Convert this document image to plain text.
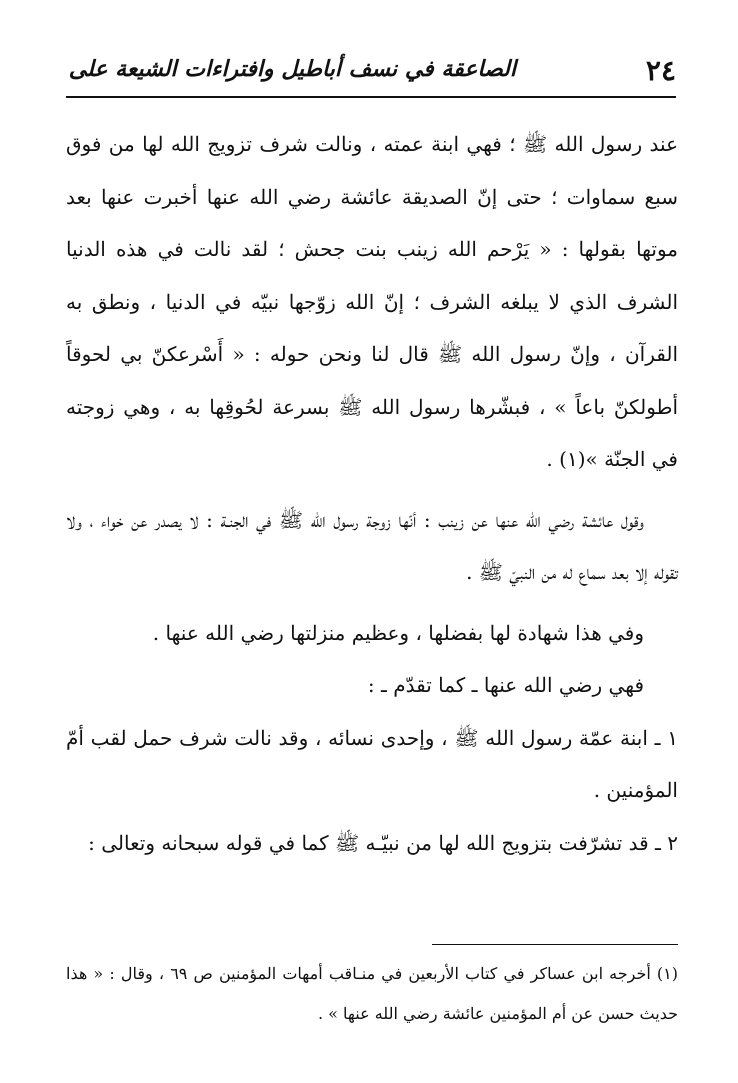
٢٤
الصاعقة في نسف أباطيل وافتراءات الشيعة على

عند رسول الله ﷺ ؛ فهي ابنة عمته ، ونالت شرف تزويج الله لها من فوق سبع سماوات ؛ حتى إنّ الصديقة عائشة رضي الله عنها أخبرت عنها بعد موتها بقولها : « يَرْحم الله زينب بنت جحش ؛ لقد نالت في هذه الدنيا الشرف الذي لا يبلغه الشرف ؛ إنّ الله زوّجها نبيّه في الدنيا ، ونطق به القرآن ، وإنّ رسول الله ﷺ قال لنا ونحن حوله : « أَسْرعكنّ بي لحوقاً أطولكنّ باعاً » ، فبشّرها رسول الله ﷺ بسرعة لحُوقِها به ، وهي زوجته في الجنّة »(١) .

وقول عائشة رضي الله عنها عن زينب : أنّها زوجة رسول الله ﷺ في الجنـة : لا يصدر عن خواء ، ولا تقوله إلا بعد سماع له من النبيّ ﷺ .

وفي هذا شهادة لها بفضلها ، وعظيم منزلتها رضي الله عنها .

فهي رضي الله عنها ـ كما تقدّم ـ :

١ ـ ابنة عمّة رسول الله ﷺ ، وإحدى نسائه ، وقد نالت شرف حمل لقب أمّ المؤمنين .

٢ ـ قد تشرّفت بتزويج الله لها من نبيّـه ﷺ كما في قوله سبحانه وتعالى :

(١) أخرجه ابن عساكر في كتاب الأربعين في منـاقب أمهات المؤمنين ص ٦٩ ، وقال : « هذا حديث حسن عن أم المؤمنين عائشة رضي الله عنها » .
